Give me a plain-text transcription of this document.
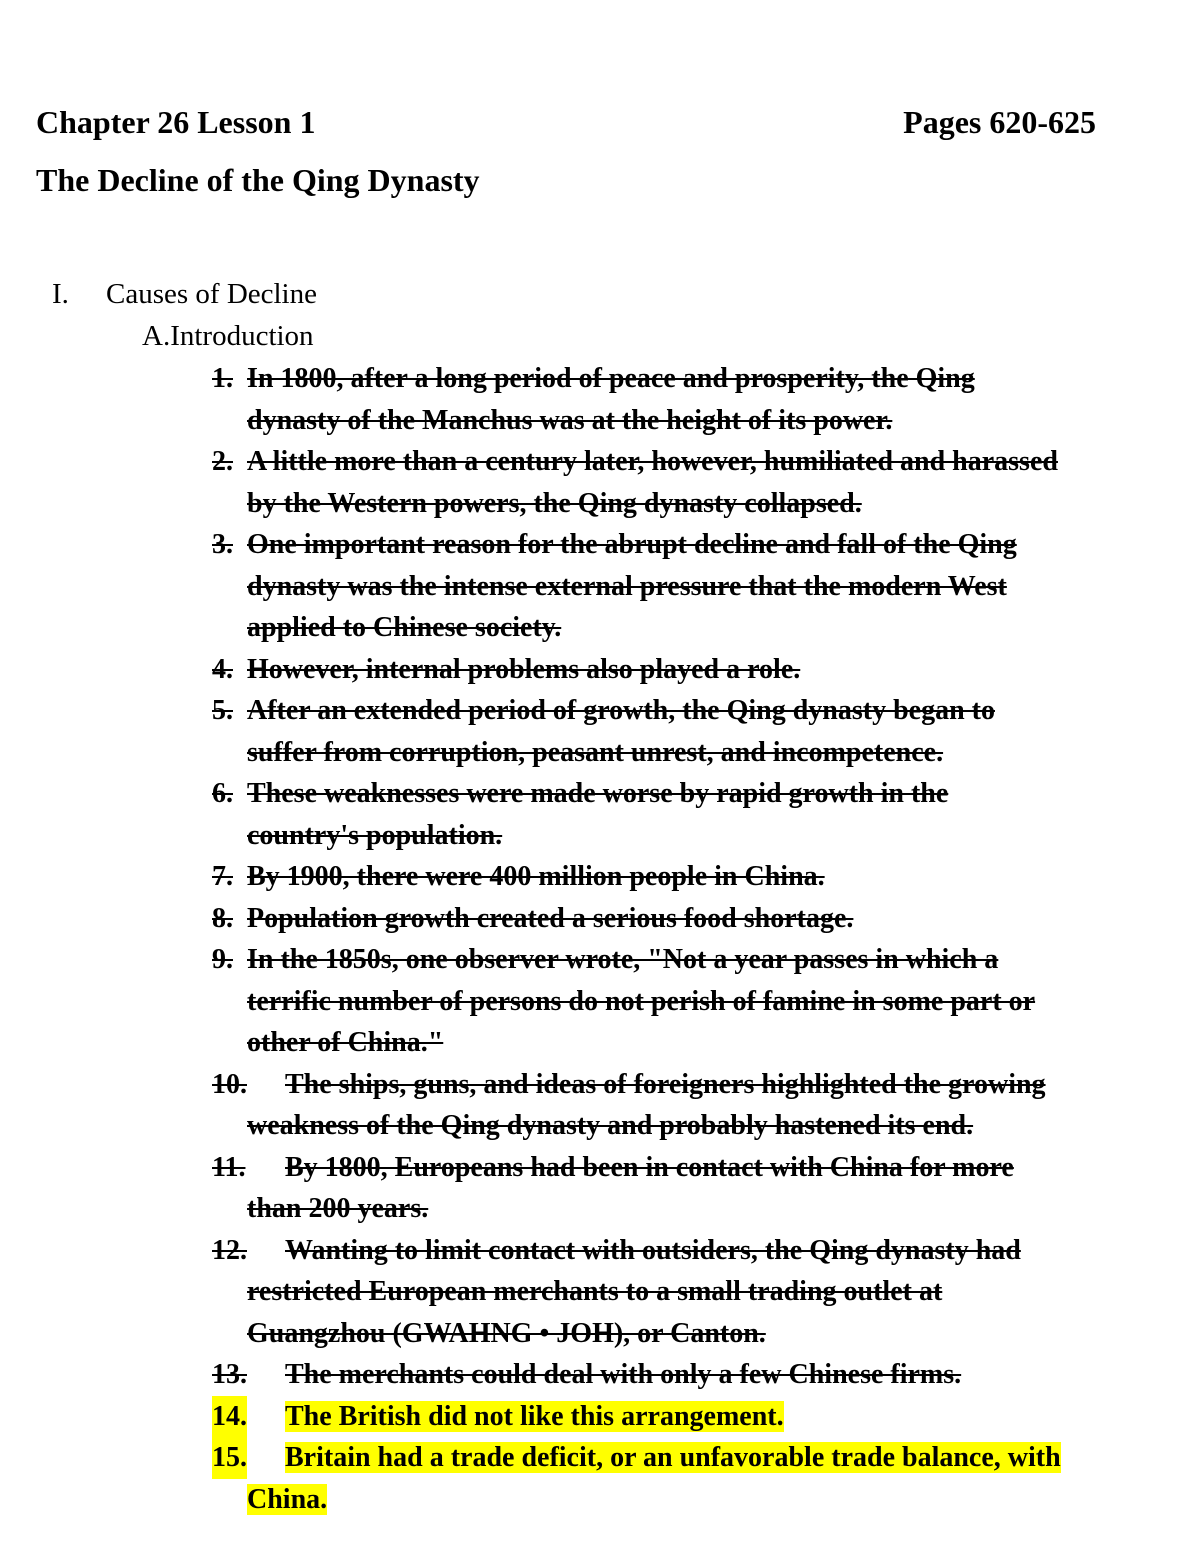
Chapter 26 Lesson 1	Pages 620-625
The Decline of the Qing Dynasty
I. Causes of Decline
A.Introduction
1. In 1800, after a long period of peace and prosperity, the Qing
dynasty of the Manchus was at the height of its power.
2. A little more than a century later, however, humiliated and harassed
by the Western powers, the Qing dynasty collapsed.
3. One important reason for the abrupt decline and fall of the Qing
dynasty was the intense external pressure that the modern West
applied to Chinese society.
4. However, internal problems also played a role.
5. After an extended period of growth, the Qing dynasty began to
suffer from corruption, peasant unrest, and incompetence.
6. These weaknesses were made worse by rapid growth in the
country's population.
7. By 1900, there were 400 million people in China.
8. Population growth created a serious food shortage.
9. In the 1850s, one observer wrote, "Not a year passes in which a
terrific number of persons do not perish of famine in some part or
other of China."
10.	The ships, guns, and ideas of foreigners highlighted the growing
weakness of the Qing dynasty and probably hastened its end.
11.	By 1800, Europeans had been in contact with China for more
than 200 years.
12.	Wanting to limit contact with outsiders, the Qing dynasty had
restricted European merchants to a small trading outlet at
Guangzhou (GWAHNG • JOH), or Canton.
13.	The merchants could deal with only a few Chinese firms.
14.	The British did not like this arrangement.
15.	Britain had a trade deficit, or an unfavorable trade balance, with
China.
